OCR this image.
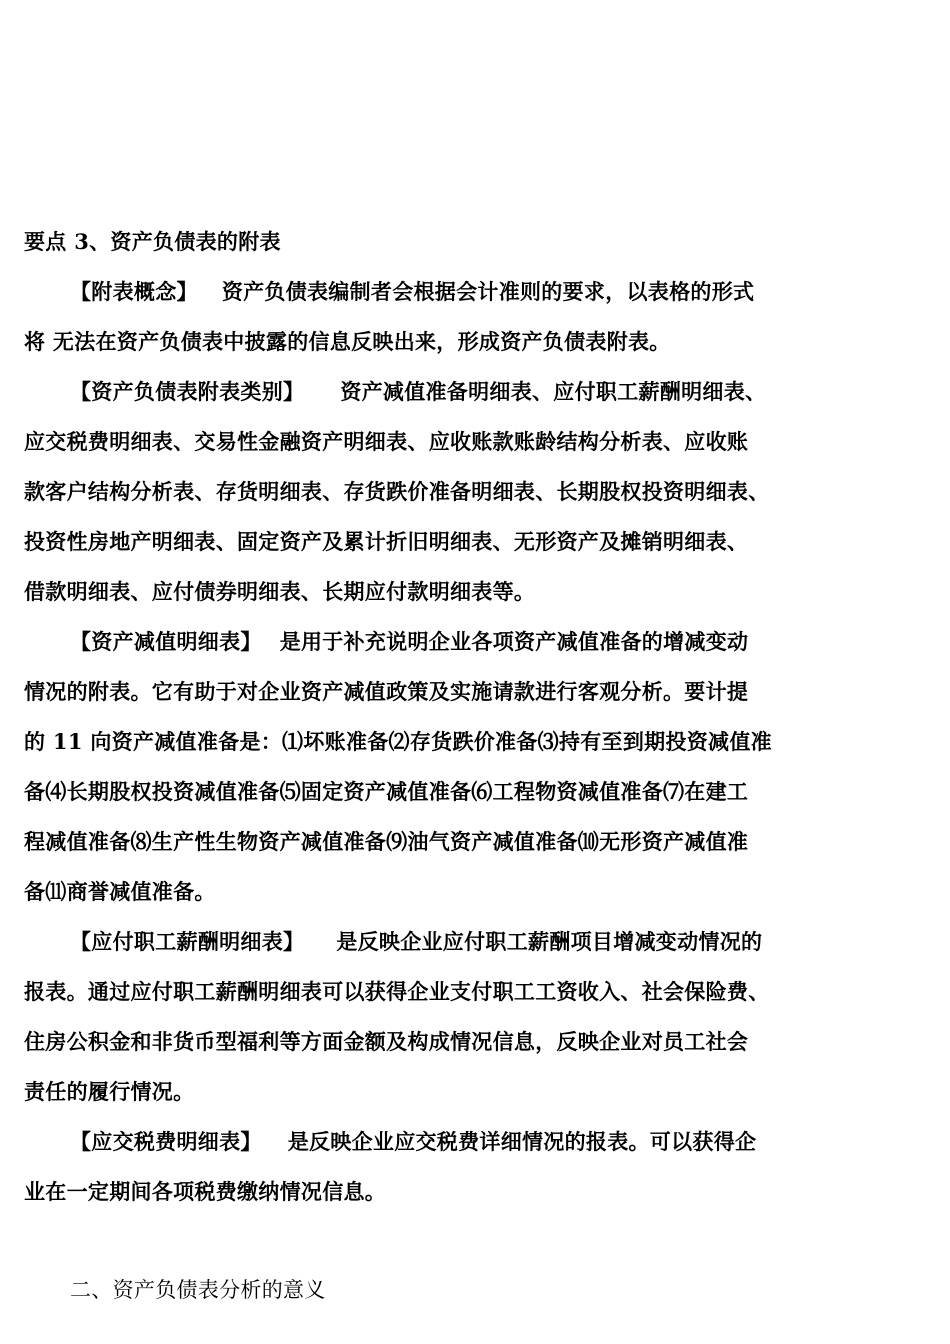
要点 3、资产负债表的附表
【附表概念】 资产负债表编制者会根据会计准则的要求，以表格的形式
将 无法在资产负债表中披露的信息反映出来，形成资产负债表附表。
【资产负债表附表类别】 资产减值准备明细表、应付职工薪酬明细表、
应交税费明细表、交易性金融资产明细表、应收账款账龄结构分析表、应收账
款客户结构分析表、存货明细表、存货跌价准备明细表、长期股权投资明细表、
投资性房地产明细表、固定资产及累计折旧明细表、无形资产及摊销明细表、
借款明细表、应付债券明细表、长期应付款明细表等。
【资产减值明细表】 是用于补充说明企业各项资产减值准备的增减变动
情况的附表。它有助于对企业资产减值政策及实施请款进行客观分析。要计提
的 11 向资产减值准备是：⑴坏账准备⑵存货跌价准备⑶持有至到期投资减值准
备⑷长期股权投资减值准备⑸固定资产减值准备⑹工程物资减值准备⑺在建工
程减值准备⑻生产性生物资产减值准备⑼油气资产减值准备⑽无形资产减值准
备⑾商誉减值准备。
【应付职工薪酬明细表】 是反映企业应付职工薪酬项目增减变动情况的
报表。通过应付职工薪酬明细表可以获得企业支付职工工资收入、社会保险费、
住房公积金和非货币型福利等方面金额及构成情况信息，反映企业对员工社会
责任的履行情况。
【应交税费明细表】 是反映企业应交税费详细情况的报表。可以获得企
业在一定期间各项税费缴纳情况信息。
二、资产负债表分析的意义
